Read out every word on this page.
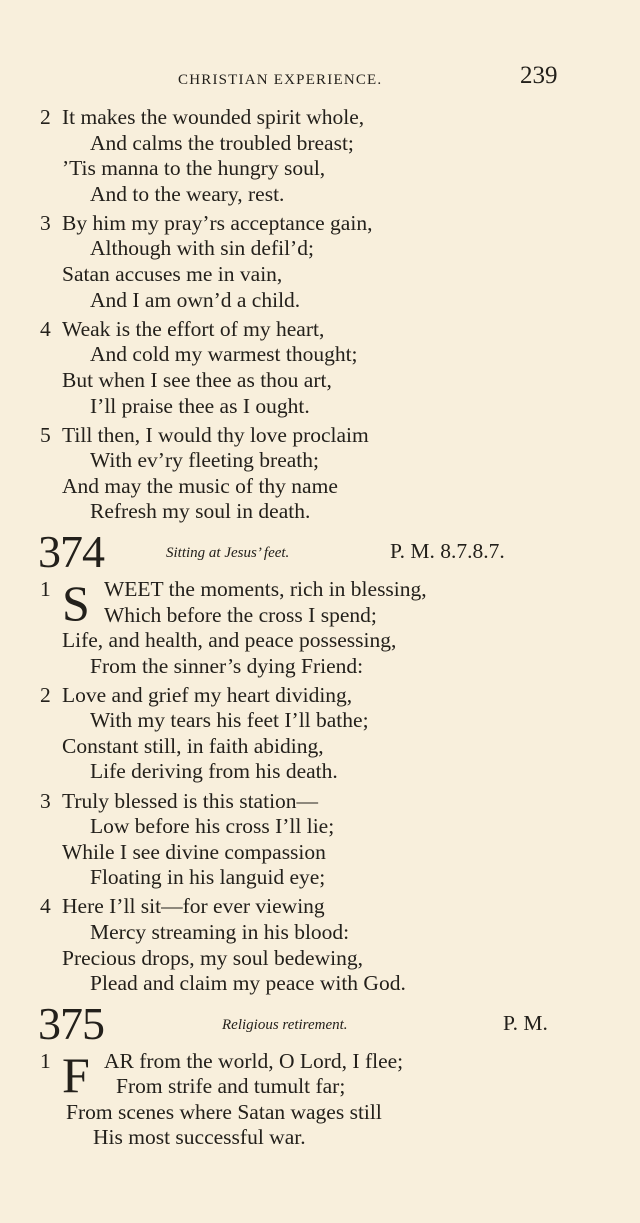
CHRISTIAN EXPERIENCE.	239
2 It makes the wounded spirit whole,
And calms the troubled breast;
’Tis manna to the hungry soul,
And to the weary, rest.
3 By him my pray’rs acceptance gain,
Although with sin defil’d;
Satan accuses me in vain,
And I am own’d a child.
4 Weak is the effort of my heart,
And cold my warmest thought;
But when I see thee as thou art,
I’ll praise thee as I ought.
5 Till then, I would thy love proclaim
With ev’ry fleeting breath;
And may the music of thy name
Refresh my soul in death.
374	Sitting at Jesus’ feet.	P. M. 8.7.8.7.
1 S WEET the moments, rich in blessing,
Which before the cross I spend;
Life, and health, and peace possessing,
From the sinner’s dying Friend:
2 Love and grief my heart dividing,
With my tears his feet I’ll bathe;
Constant still, in faith abiding,
Life deriving from his death.
3 Truly blessed is this station—
Low before his cross I’ll lie;
While I see divine compassion
Floating in his languid eye;
4 Here I’ll sit—for ever viewing
Mercy streaming in his blood:
Precious drops, my soul bedewing,
Plead and claim my peace with God.
375	Religious retirement.	P. M.
1 F AR from the world, O Lord, I flee;
From strife and tumult far;
From scenes where Satan wages still
His most successful war.
